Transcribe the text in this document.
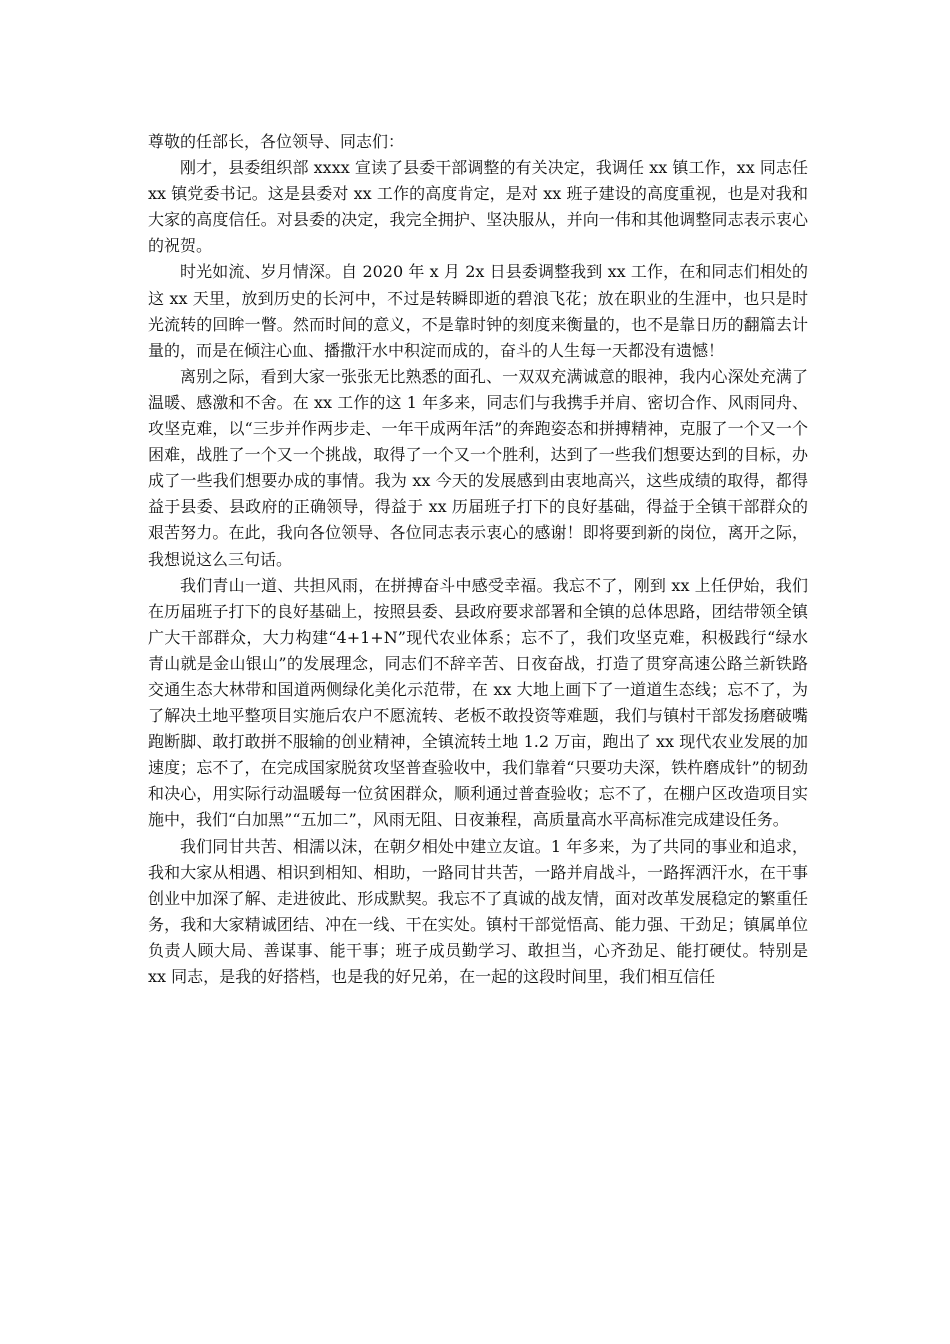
尊敬的任部长，各位领导、同志们：

刚才，县委组织部 xxxx 宣读了县委干部调整的有关决定，我调任 xx 镇工作，xx 同志任 xx 镇党委书记。这是县委对 xx 工作的高度肯定，是对 xx 班子建设的高度重视，也是对我和大家的高度信任。对县委的决定，我完全拥护、坚决服从，并向一伟和其他调整同志表示衷心的祝贺。

时光如流、岁月情深。自 2020 年 x 月 2x 日县委调整我到 xx 工作，在和同志们相处的这 xx 天里，放到历史的长河中，不过是转瞬即逝的碧浪飞花；放在职业的生涯中，也只是时光流转的回眸一瞥。然而时间的意义，不是靠时钟的刻度来衡量的，也不是靠日历的翻篇去计量的，而是在倾注心血、播撒汗水中积淀而成的，奋斗的人生每一天都没有遗憾！

离别之际，看到大家一张张无比熟悉的面孔、一双双充满诚意的眼神，我内心深处充满了温暖、感激和不舍。在 xx 工作的这 1 年多来，同志们与我携手并肩、密切合作、风雨同舟、攻坚克难，以“三步并作两步走、一年干成两年活”的奔跑姿态和拼搏精神，克服了一个又一个困难，战胜了一个又一个挑战，取得了一个又一个胜利，达到了一些我们想要达到的目标，办成了一些我们想要办成的事情。我为 xx 今天的发展感到由衷地高兴，这些成绩的取得，都得益于县委、县政府的正确领导，得益于 xx 历届班子打下的良好基础，得益于全镇干部群众的艰苦努力。在此，我向各位领导、各位同志表示衷心的感谢！即将要到新的岗位，离开之际，我想说这么三句话。

我们青山一道、共担风雨，在拼搏奋斗中感受幸福。我忘不了，刚到 xx 上任伊始，我们在历届班子打下的良好基础上，按照县委、县政府要求部署和全镇的总体思路，团结带领全镇广大干部群众，大力构建“4+1+N”现代农业体系；忘不了，我们攻坚克难，积极践行“绿水青山就是金山银山”的发展理念，同志们不辞辛苦、日夜奋战，打造了贯穿高速公路兰新铁路交通生态大林带和国道两侧绿化美化示范带，在 xx 大地上画下了一道道生态线；忘不了，为了解决土地平整项目实施后农户不愿流转、老板不敢投资等难题，我们与镇村干部发扬磨破嘴跑断脚、敢打敢拼不服输的创业精神，全镇流转土地 1.2 万亩，跑出了 xx 现代农业发展的加速度；忘不了，在完成国家脱贫攻坚普查验收中，我们靠着“只要功夫深，铁杵磨成针”的韧劲和决心，用实际行动温暖每一位贫困群众，顺利通过普查验收；忘不了，在棚户区改造项目实施中，我们“白加黑”“五加二”，风雨无阻、日夜兼程，高质量高水平高标准完成建设任务。

我们同甘共苦、相濡以沫，在朝夕相处中建立友谊。1 年多来，为了共同的事业和追求，我和大家从相遇、相识到相知、相助，一路同甘共苦，一路并肩战斗，一路挥洒汗水，在干事创业中加深了解、走进彼此、形成默契。我忘不了真诚的战友情，面对改革发展稳定的繁重任务，我和大家精诚团结、冲在一线、干在实处。镇村干部觉悟高、能力强、干劲足；镇属单位负责人顾大局、善谋事、能干事；班子成员勤学习、敢担当，心齐劲足、能打硬仗。特别是 xx 同志，是我的好搭档，也是我的好兄弟，在一起的这段时间里，我们相互信任
